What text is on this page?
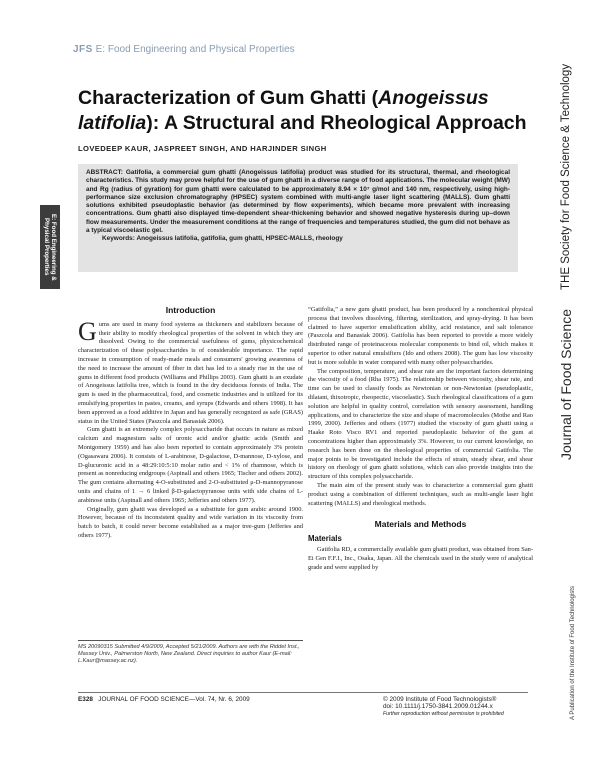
JFS E: Food Engineering and Physical Properties
Characterization of Gum Ghatti (Anogeissus latifolia): A Structural and Rheological Approach
LOVEDEEP KAUR, JASPREET SINGH, AND HARJINDER SINGH
ABSTRACT: Gatifolia, a commercial gum ghatti (Anogeissus latifolia) product was studied for its structural, thermal, and rheological characteristics. This study may prove helpful for the use of gum ghatti in a diverse range of food applications. The molecular weight (MW) and Rg (radius of gyration) for gum ghatti were calculated to be approximately 8.94 × 10⁷ g/mol and 140 nm, respectively, using high-performance size exclusion chromatography (HPSEC) system combined with multi-angle laser light scattering (MALLS). Gum ghatti solutions exhibited pseudoplastic behavior (as determined by flow experiments), which became more prevalent with increasing concentrations. Gum ghatti also displayed time-dependent shear-thickening behavior and showed negative hysteresis during up–down flow measurements. Under the measurement conditions at the range of frequencies and temperatures studied, the gum did not behave as a typical viscoelastic gel.
Keywords: Anogeissus latifolia, gatifolia, gum ghatti, HPSEC-MALLS, rheology
E: Food Engineering & Physical Properties	THE Society for Food Science & Technology
Journal of Food Science
A Publication of the Institute of Food Technologists
Introduction

Gums are used in many food systems as thickeners and stabilizers because of their ability to modify rheological properties of the solvent in which they are dissolved. Owing to the commercial usefulness of gums, physicochemical characterization of these polysaccharides is of considerable importance. The rapid increase in consumption of ready-made meals and consumers' growing awareness of the need to increase the amount of fiber in diet has led to a steady rise in the use of gums in different food products (Williams and Phillips 2003). Gum ghatti is an exudate of Anogeissus latifolia tree, which is found in the dry deciduous forests of India. The gum is used in the pharmaceutical, food, and cosmetic industries and is utilized for its emulsifying properties in pastes, creams, and syrups (Edwards and others 1998). It has been approved as a food additive in Japan and has generally recognized as safe (GRAS) status in the United States (Paszcola and Banasiak 2006).

Gum ghatti is an extremely complex polysaccharide that occurs in nature as mixed calcium and magnesium salts of uronic acid and/or ghattic acids (Smith and Montgomery 1959) and has also been reported to contain approximately 3% protein (Ogasawara 2006). It consists of L-arabinose, D-galactose, D-mannose, D-xylose, and D-glucuronic acid in a 48:29:10:5:10 molar ratio and < 1% of rhamnose, which is present as nonreducing endgroups (Aspinall and others 1965; Tischer and others 2002). The gum contains alternating 4-O-substituted and 2-O-substituted μ-D-mannopyranose units and chains of 1 → 6 linked β-D-galactopyranose units with side chains of L-arabinose units (Aspinall and others 1965; Jefferies and others 1977).

Originally, gum ghatti was developed as a substitute for gum arabic around 1900. However, because of its inconsistent quality and wide variation in its viscosity from batch to batch, it could never become established as a major tree-gum (Jefferies and others 1977).

MS 20090315 Submitted 4/9/2009, Accepted 5/21/2009. Authors are with the Riddet Inst., Massey Univ., Palmerston North, New Zealand. Direct inquiries to author Kaur (E-mail: L.Kaur@massey.ac.nz).

“Gatifolia,” a new gum ghatti product, has been produced by a nonchemical physical process that involves dissolving, filtering, sterilization, and spray-drying. It has been claimed to have superior emulsification ability, acid resistance, and salt tolerance (Paszcola and Banasiak 2006). Gatifolia has been reported to provide a more widely distributed range of proteinaceous molecular components to bind oil, which makes it superior to other natural emulsifiers (Ido and others 2008). The gum has low viscosity but is more soluble in water compared with many other polysaccharides.

The composition, temperature, and shear rate are the important factors determining the viscosity of a food (Rha 1975). The relationship between viscosity, shear rate, and time can be used to classify foods as Newtonian or non-Newtonian (pseudoplastic, dilatant, thixotropic, rheopectic, viscoelastic). Such rheological classifications of a gum solution are helpful in quality control, correlation with sensory assessment, handling applications, and to characterize the size and shape of macromolecules (Mothe and Rao 1999, 2000). Jefferies and others (1977) studied the viscosity of gum ghatti using a Haake Roto Visco RV1 and reported pseudoplastic behavior of the gum at concentrations higher than approximately 3%. However, to our current knowledge, no research has been done on the rheological properties of commercial Gatifolia. The major points to be investigated include the effects of strain, steady shear, and shear history on rheology of gum ghatti solutions, which can also provide insights into the structure of this complex polysaccharide.

The main aim of the present study was to characterize a commercial gum ghatti product using a combination of different techniques, such as multi-angle laser light scattering (MALLS) and rheological methods.

Materials and Methods
Materials

Gatifolia RD, a commercially available gum ghatti product, was obtained from San-Ei Gen F.F.I., Inc., Osaka, Japan. All the chemicals used in the study were of analytical grade and were supplied by

E328 JOURNAL OF FOOD SCIENCE—Vol. 74, Nr. 6, 2009	© 2009 Institute of Food Technologists®
doi: 10.1111/j.1750-3841.2009.01244.x
Further reproduction without permission is prohibited
